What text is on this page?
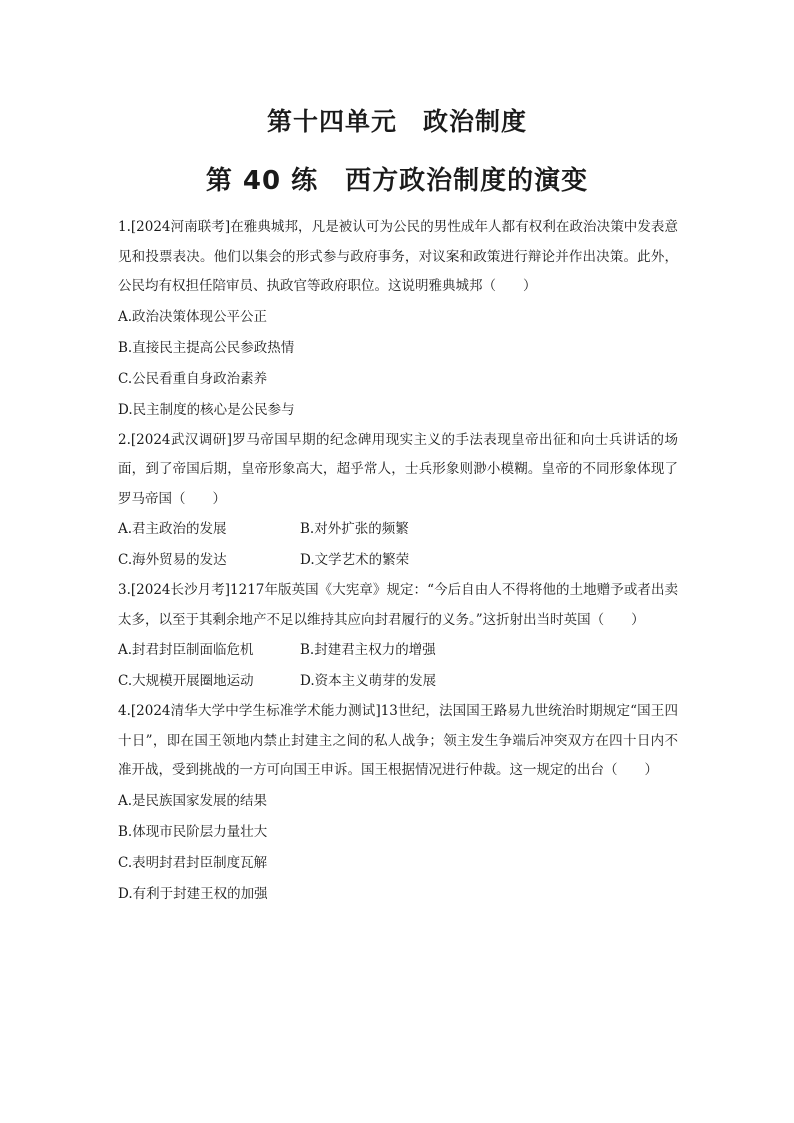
第十四单元　政治制度
第 40 练　西方政治制度的演变

1.[2024河南联考]在雅典城邦，凡是被认可为公民的男性成年人都有权利在政治决策中发表意见和投票表决。他们以集会的形式参与政府事务，对议案和政策进行辩论并作出决策。此外，公民均有权担任陪审员、执政官等政府职位。这说明雅典城邦（　　）

A.政治决策体现公平公正

B.直接民主提高公民参政热情

C.公民看重自身政治素养

D.民主制度的核心是公民参与

2.[2024武汉调研]罗马帝国早期的纪念碑用现实主义的手法表现皇帝出征和向士兵讲话的场面，到了帝国后期，皇帝形象高大，超乎常人，士兵形象则渺小模糊。皇帝的不同形象体现了罗马帝国（　　）

A.君主政治的发展	B.对外扩张的频繁
C.海外贸易的发达	D.文学艺术的繁荣

3.[2024长沙月考]1217年版英国《大宪章》规定：“今后自由人不得将他的土地赠予或者出卖太多，以至于其剩余地产不足以维持其应向封君履行的义务。”这折射出当时英国（　　）

A.封君封臣制面临危机	B.封建君主权力的增强
C.大规模开展圈地运动	D.资本主义萌芽的发展

4.[2024清华大学中学生标准学术能力测试]13世纪，法国国王路易九世统治时期规定“国王四十日”，即在国王领地内禁止封建主之间的私人战争；领主发生争端后冲突双方在四十日内不准开战，受到挑战的一方可向国王申诉。国王根据情况进行仲裁。这一规定的出台（　　）

A.是民族国家发展的结果

B.体现市民阶层力量壮大

C.表明封君封臣制度瓦解

D.有利于封建王权的加强
